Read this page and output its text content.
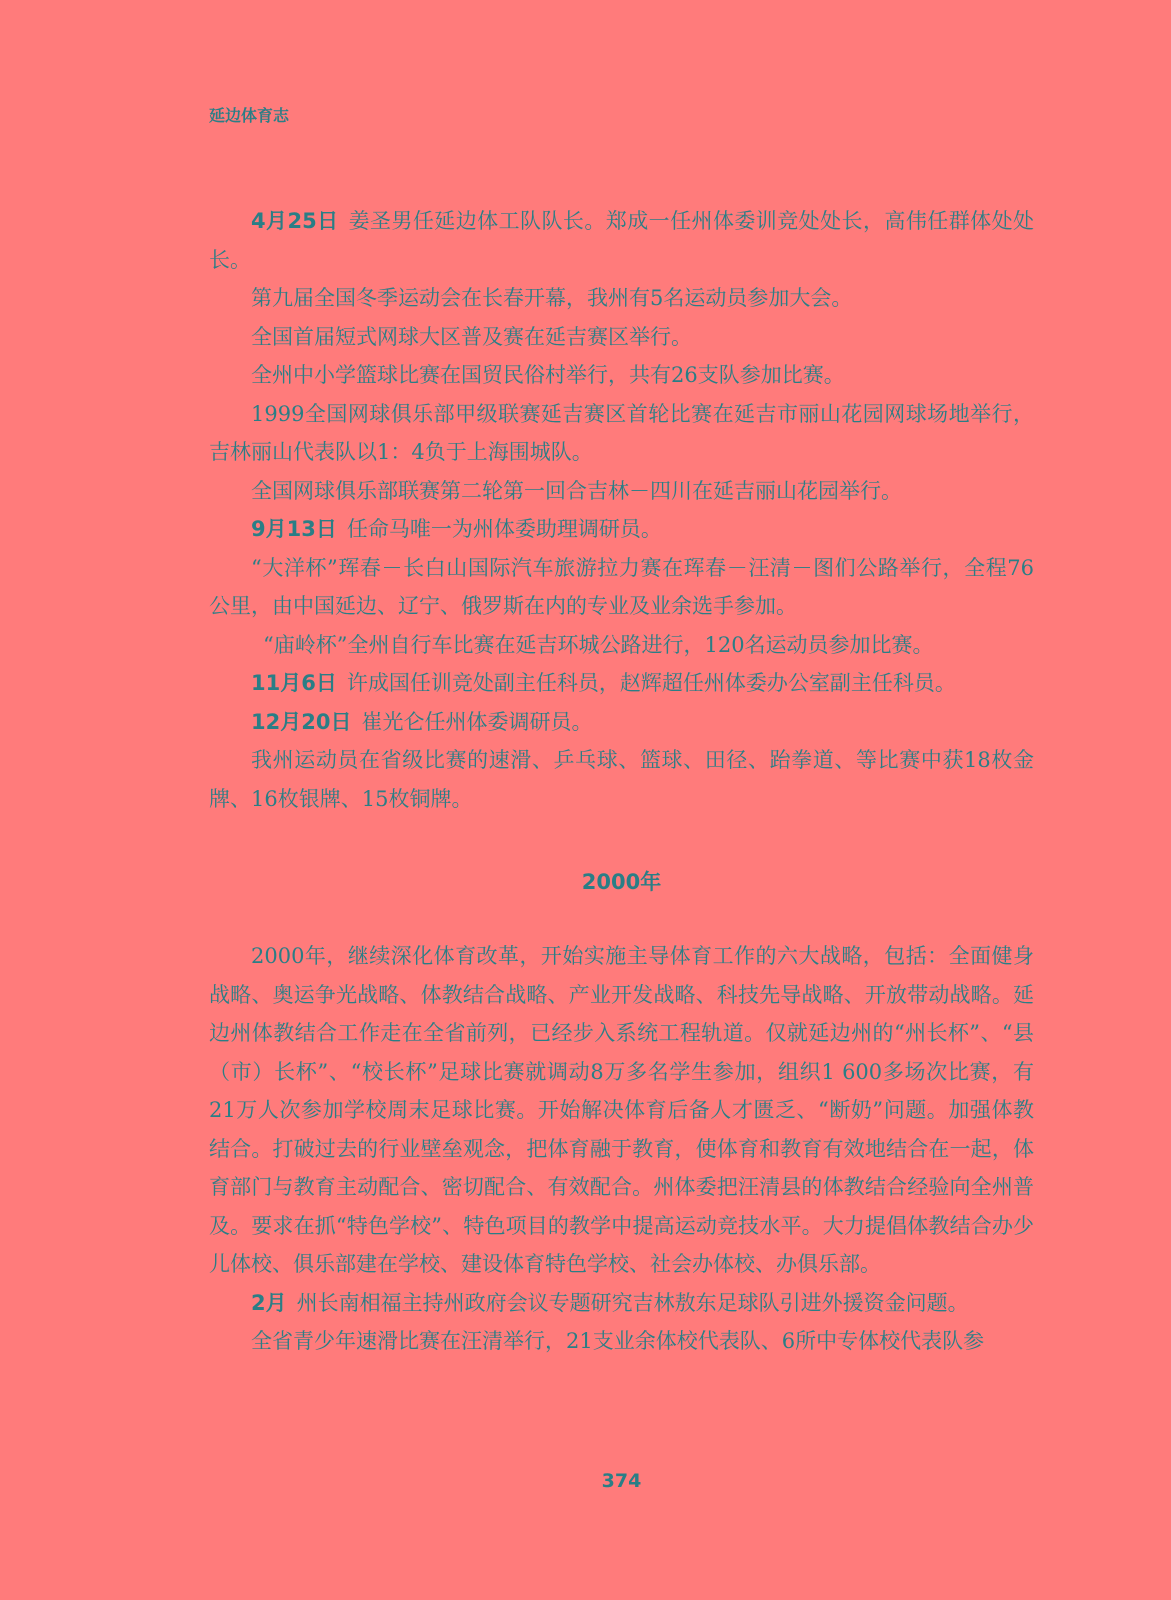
延边体育志

4月25日 姜圣男任延边体工队队长。郑成一任州体委训竞处处长，高伟任群体处处长。

第九届全国冬季运动会在长春开幕，我州有5名运动员参加大会。

全国首届短式网球大区普及赛在延吉赛区举行。

全州中小学篮球比赛在国贸民俗村举行，共有26支队参加比赛。

1999全国网球俱乐部甲级联赛延吉赛区首轮比赛在延吉市丽山花园网球场地举行，吉林丽山代表队以1：4负于上海围城队。

全国网球俱乐部联赛第二轮第一回合吉林－四川在延吉丽山花园举行。

9月13日 任命马唯一为州体委助理调研员。

“大洋杯”珲春－长白山国际汽车旅游拉力赛在珲春－汪清－图们公路举行，全程76公里，由中国延边、辽宁、俄罗斯在内的专业及业余选手参加。

“庙岭杯”全州自行车比赛在延吉环城公路进行，120名运动员参加比赛。

11月6日 许成国任训竞处副主任科员，赵辉超任州体委办公室副主任科员。

12月20日 崔光仑任州体委调研员。

我州运动员在省级比赛的速滑、乒乓球、篮球、田径、跆拳道、等比赛中获18枚金牌、16枚银牌、15枚铜牌。

2000年

2000年，继续深化体育改革，开始实施主导体育工作的六大战略，包括：全面健身战略、奥运争光战略、体教结合战略、产业开发战略、科技先导战略、开放带动战略。延边州体教结合工作走在全省前列，已经步入系统工程轨道。仅就延边州的“州长杯”、“县（市）长杯”、“校长杯”足球比赛就调动8万多名学生参加，组织1 600多场次比赛，有21万人次参加学校周末足球比赛。开始解决体育后备人才匮乏、“断奶”问题。加强体教结合。打破过去的行业壁垒观念，把体育融于教育，使体育和教育有效地结合在一起，体育部门与教育主动配合、密切配合、有效配合。州体委把汪清县的体教结合经验向全州普及。要求在抓“特色学校”、特色项目的教学中提高运动竞技水平。大力提倡体教结合办少儿体校、俱乐部建在学校、建设体育特色学校、社会办体校、办俱乐部。

2月 州长南相福主持州政府会议专题研究吉林敖东足球队引进外援资金问题。

全省青少年速滑比赛在汪清举行，21支业余体校代表队、6所中专体校代表队参

374
